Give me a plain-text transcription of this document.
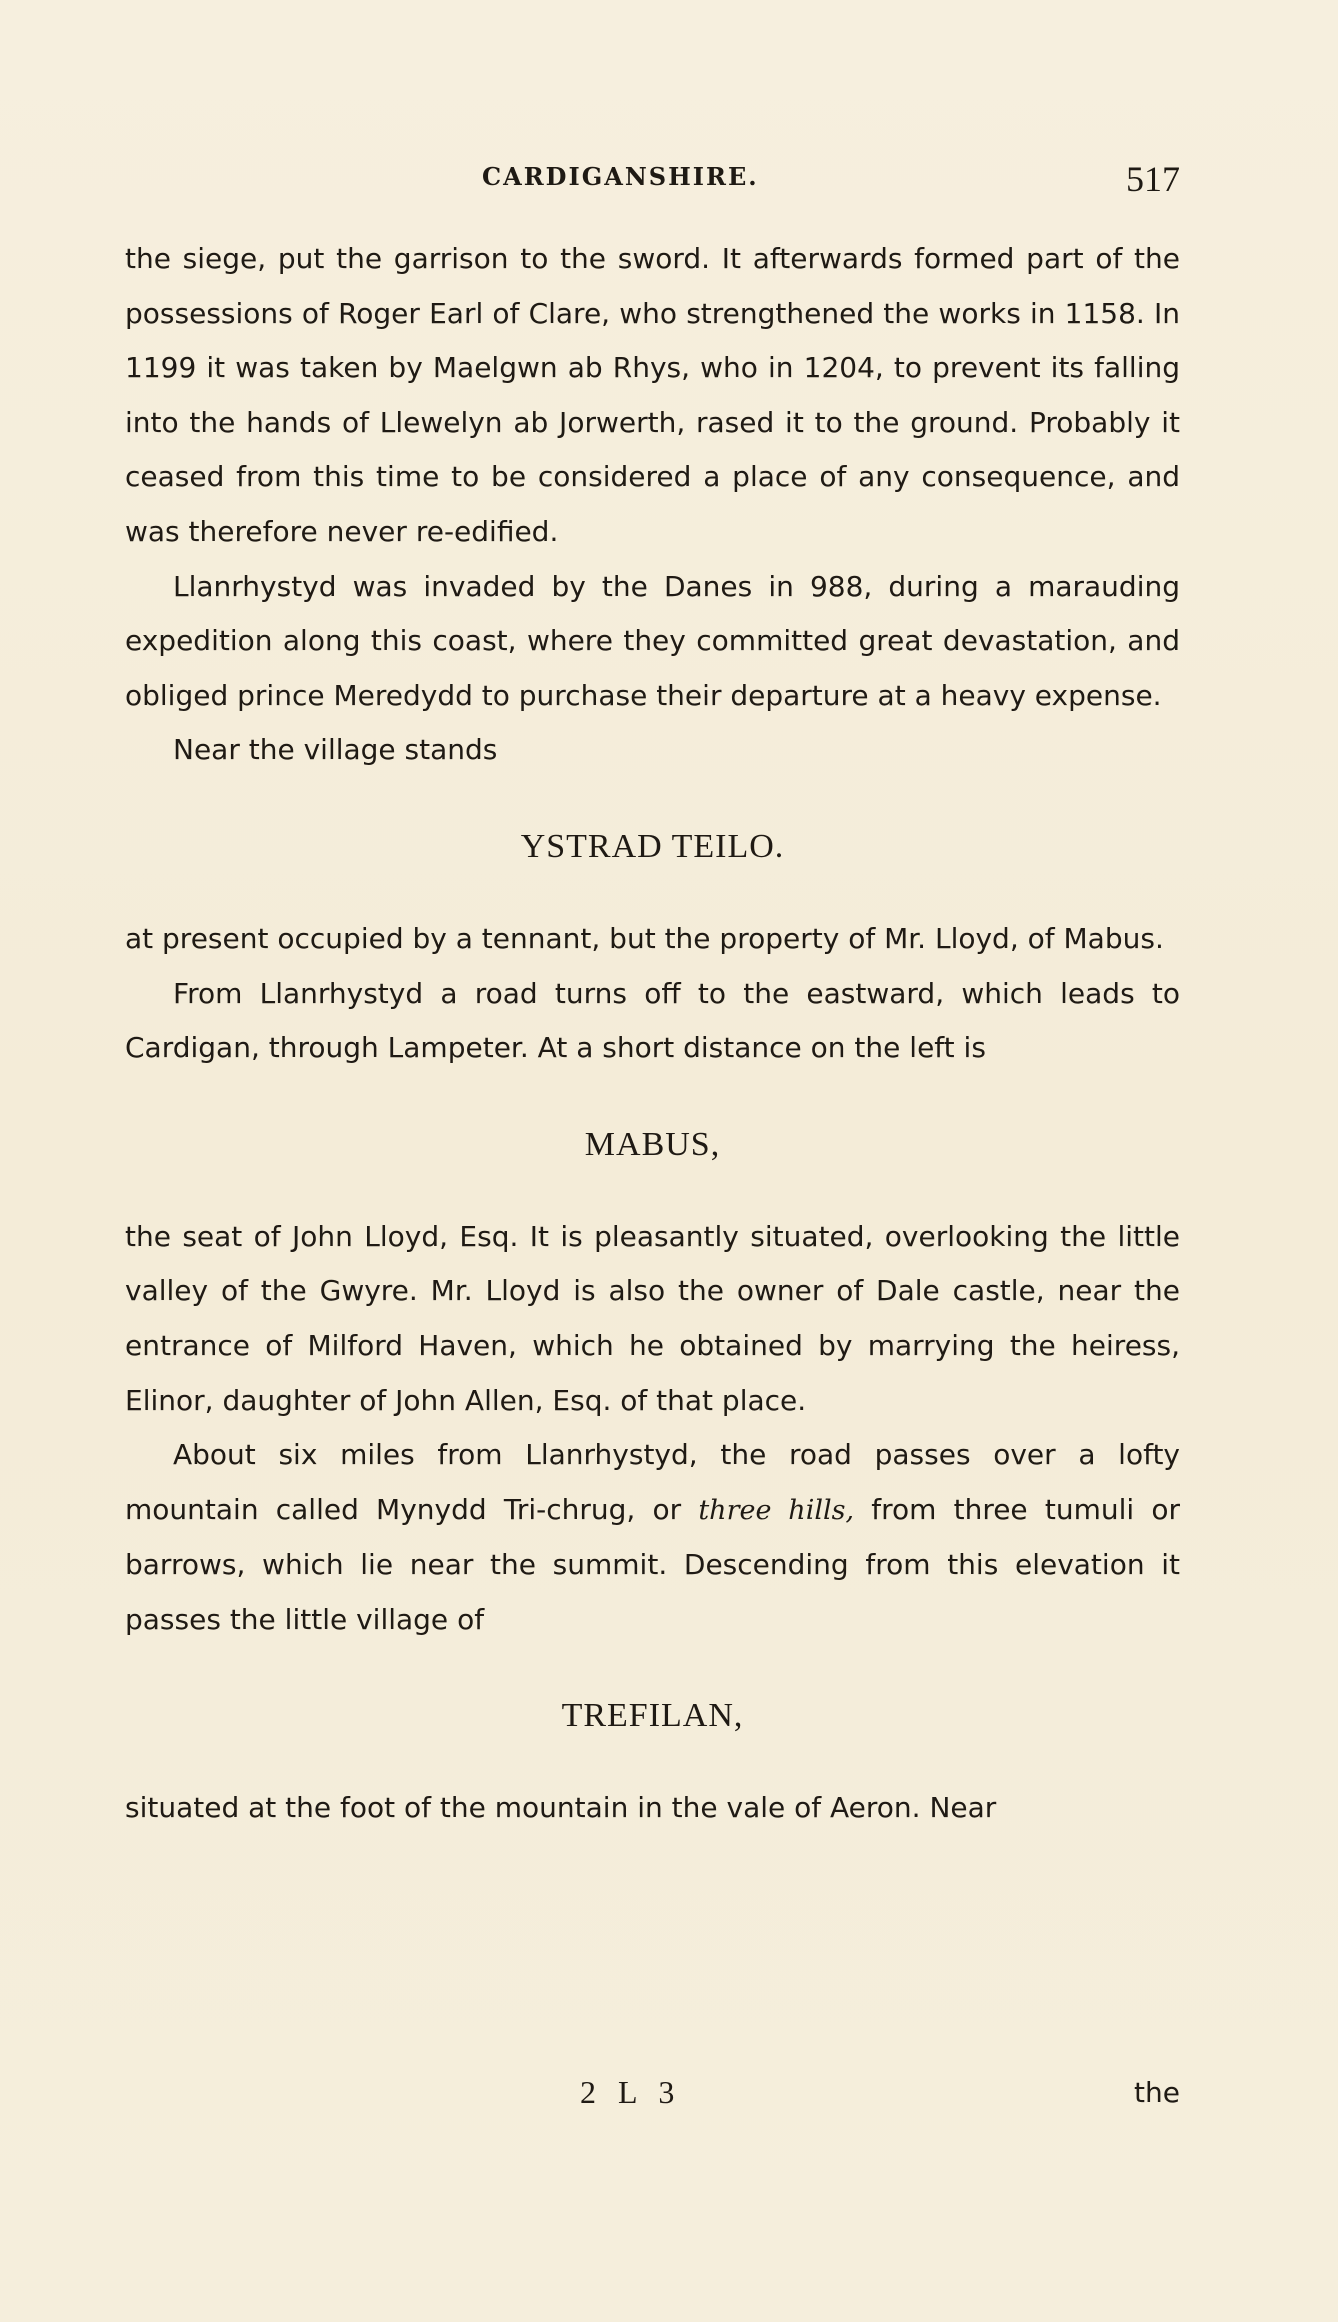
CARDIGANSHIRE.	517

the siege, put the garrison to the sword. It afterwards formed part of the possessions of Roger Earl of Clare, who strengthened the works in 1158. In 1199 it was taken by Maelgwn ab Rhys, who in 1204, to prevent its falling into the hands of Llewelyn ab Jorwerth, rased it to the ground. Probably it ceased from this time to be considered a place of any consequence, and was therefore never re-edified.

Llanrhystyd was invaded by the Danes in 988, during a marauding expedition along this coast, where they committed great devastation, and obliged prince Meredydd to purchase their departure at a heavy expense.

Near the village stands

YSTRAD TEILO.

at present occupied by a tennant, but the property of Mr. Lloyd, of Mabus.

From Llanrhystyd a road turns off to the eastward, which leads to Cardigan, through Lampeter. At a short distance on the left is

MABUS,

the seat of John Lloyd, Esq. It is pleasantly situated, overlooking the little valley of the Gwyre. Mr. Lloyd is also the owner of Dale castle, near the entrance of Milford Haven, which he obtained by marrying the heiress, Elinor, daughter of John Allen, Esq. of that place.

About six miles from Llanrhystyd, the road passes over a lofty mountain called Mynydd Tri-chrug, or three hills, from three tumuli or barrows, which lie near the summit. Descending from this elevation it passes the little village of

TREFILAN,

situated at the foot of the mountain in the vale of Aeron. Near

2 L 3	the
